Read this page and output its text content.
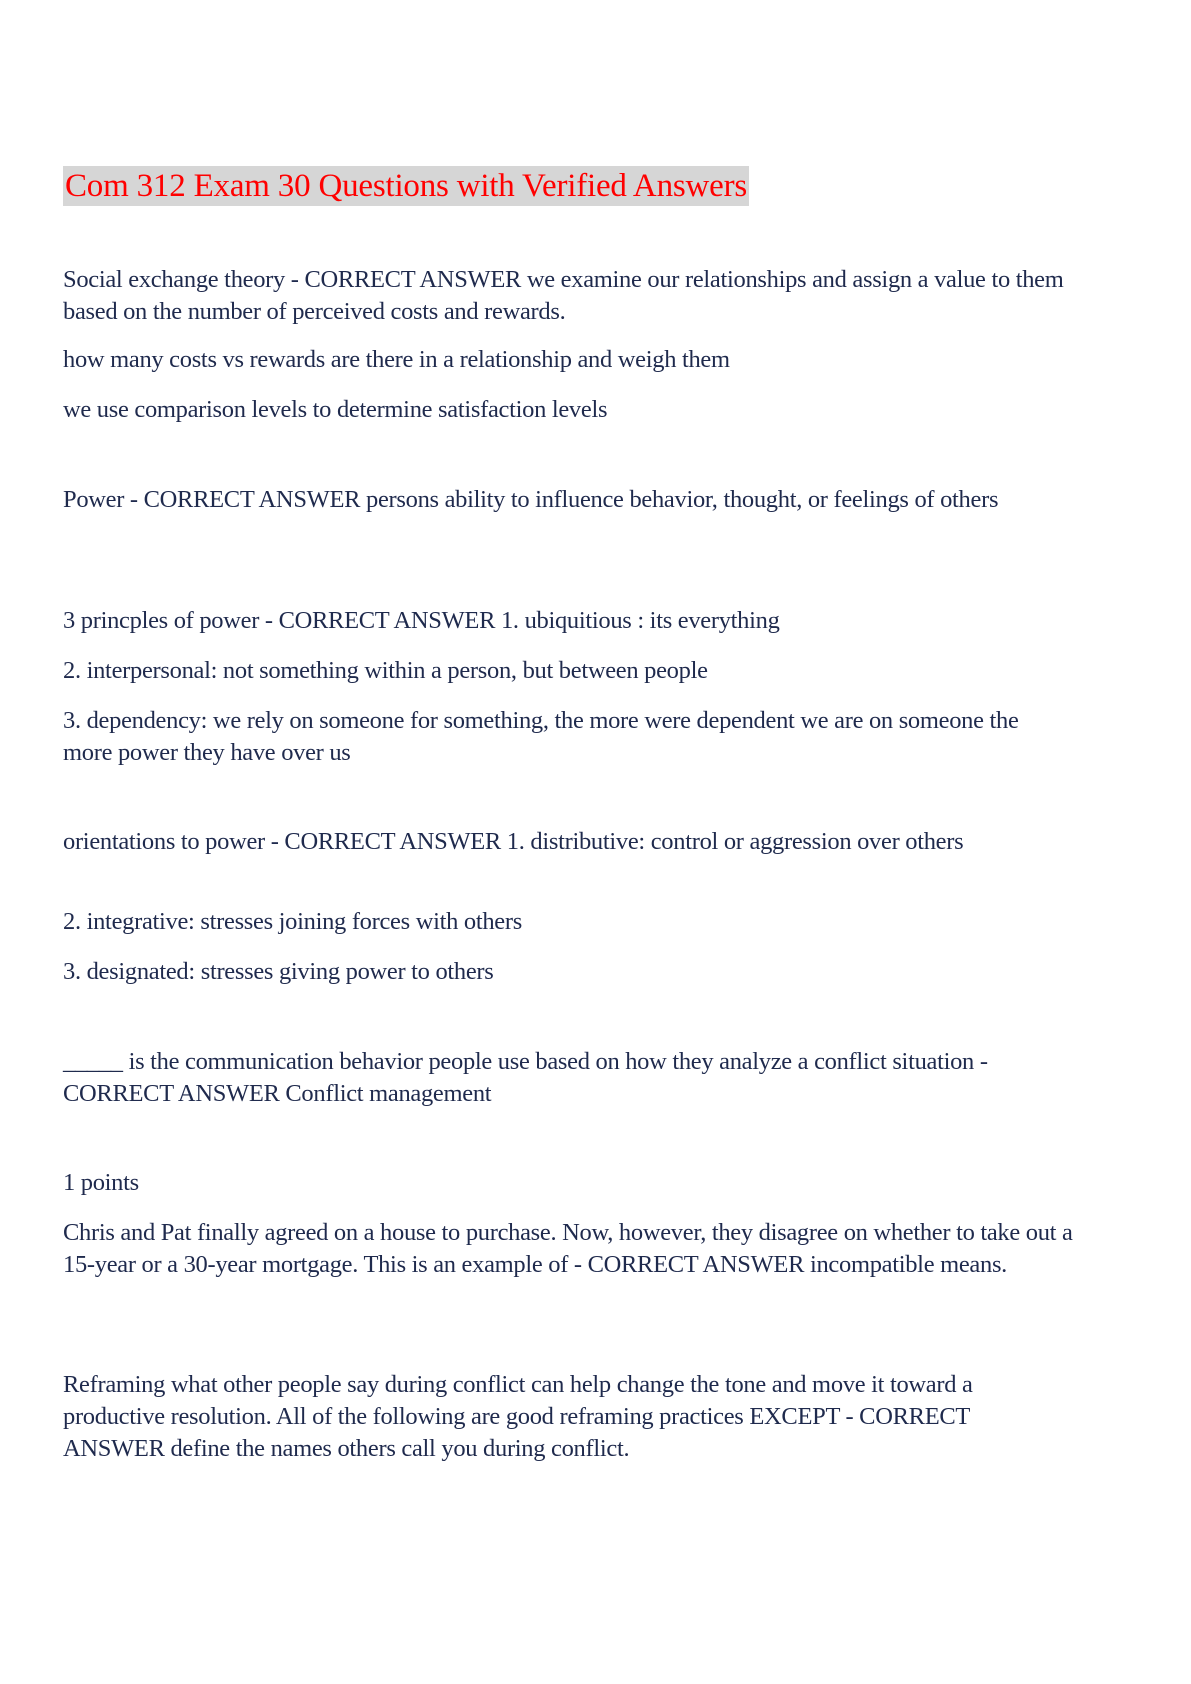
Com 312 Exam 30 Questions with Verified Answers
Social exchange theory - CORRECT ANSWER we examine our relationships and assign a value to them based on the number of perceived costs and rewards.
how many costs vs rewards are there in a relationship and weigh them
we use comparison levels to determine satisfaction levels
Power - CORRECT ANSWER persons ability to influence behavior, thought, or feelings of others
3 princples of power - CORRECT ANSWER 1. ubiquitious : its everything
2. interpersonal: not something within a person, but between people
3. dependency: we rely on someone for something, the more were dependent we are on someone the more power they have over us
orientations to power - CORRECT ANSWER 1. distributive: control or aggression over others
2. integrative: stresses joining forces with others
3. designated: stresses giving power to others
_____ is the communication behavior people use based on how they analyze a conflict situation - CORRECT ANSWER Conflict management
1 points
Chris and Pat finally agreed on a house to purchase. Now, however, they disagree on whether to take out a 15-year or a 30-year mortgage. This is an example of - CORRECT ANSWER incompatible means.
Reframing what other people say during conflict can help change the tone and move it toward a productive resolution. All of the following are good reframing practices EXCEPT - CORRECT ANSWER define the names others call you during conflict.
